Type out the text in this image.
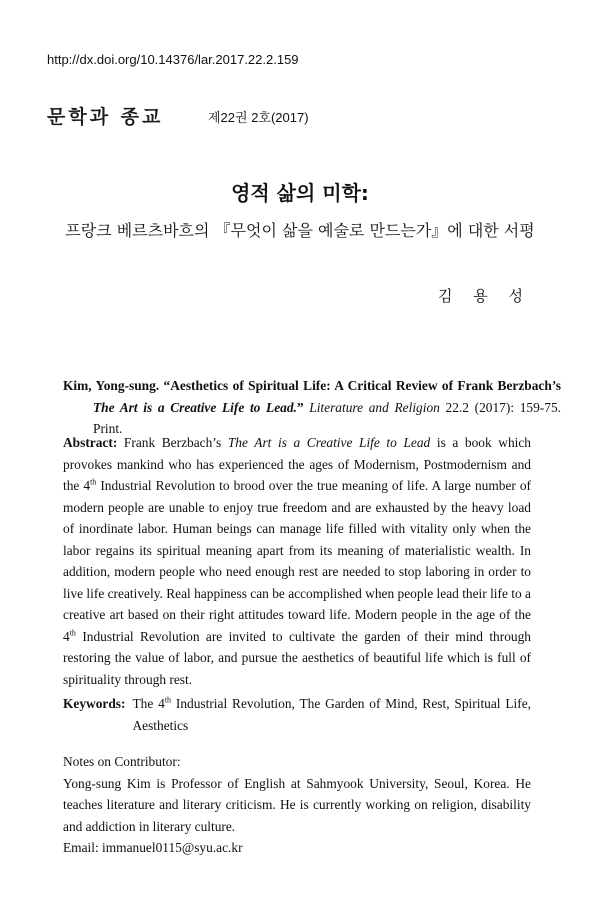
http://dx.doi.org/10.14376/lar.2017.22.2.159
문학과 종교	제22권 2호(2017)
영적 삶의 미학:
프랑크 베르츠바흐의 『무엇이 삶을 예술로 만드는가』에 대한 서평
김 용 성
Kim, Yong-sung. “Aesthetics of Spiritual Life: A Critical Review of Frank Berzbach’s The Art is a Creative Life to Lead.” Literature and Religion 22.2 (2017): 159-75. Print.
Abstract: Frank Berzbach’s The Art is a Creative Life to Lead is a book which provokes mankind who has experienced the ages of Modernism, Postmodernism and the 4th Industrial Revolution to brood over the true meaning of life. A large number of modern people are unable to enjoy true freedom and are exhausted by the heavy load of inordinate labor. Human beings can manage life filled with vitality only when the labor regains its spiritual meaning apart from its meaning of materialistic wealth. In addition, modern people who need enough rest are needed to stop laboring in order to live life creatively. Real happiness can be accomplished when people lead their life to a creative art based on their right attitudes toward life. Modern people in the age of the 4th Industrial Revolution are invited to cultivate the garden of their mind through restoring the value of labor, and pursue the aesthetics of beautiful life which is full of spirituality through rest.
Keywords: The 4th Industrial Revolution, The Garden of Mind, Rest, Spiritual Life, Aesthetics
Notes on Contributor:
Yong-sung Kim is Professor of English at Sahmyook University, Seoul, Korea. He teaches literature and literary criticism. He is currently working on religion, disability and addiction in literary culture.
Email: immanuel0115@syu.ac.kr
